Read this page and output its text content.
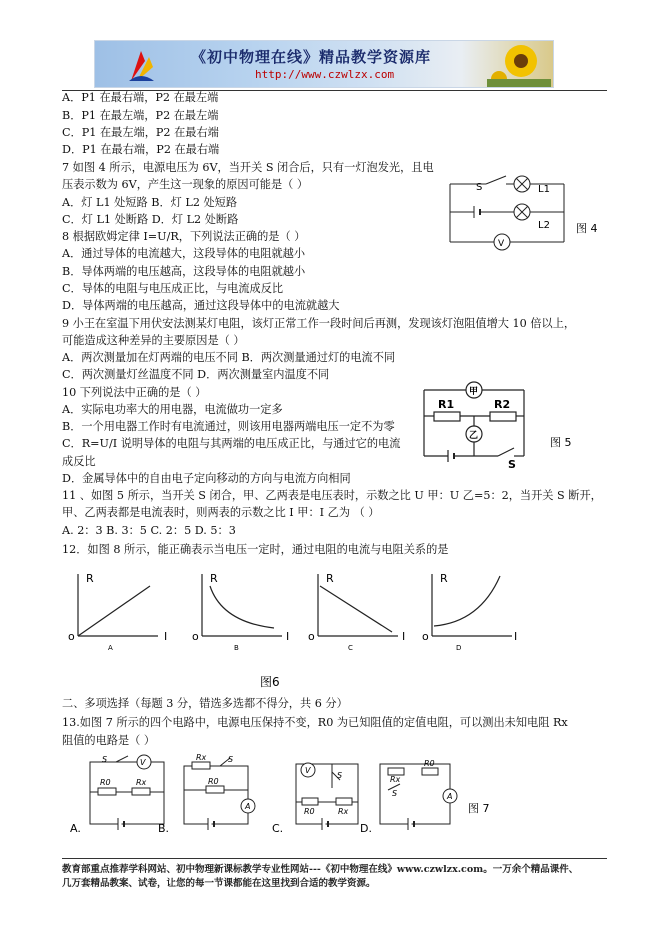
《初中物理在线》精品教学资源库
http://www.czwlzx.com
A．P1 在最右端，P2 在最左端
B．P1 在最左端，P2 在最左端
C．P1 在最左端，P2 在最右端
D．P1 在最右端，P2 在最右端
7 如图 4 所示，电源电压为 6V，当开关 S 闭合后，只有一灯泡发光，且电
压表示数为 6V，产生这一现象的原因可能是（ ）
A．灯 L1 处短路 B．灯 L2 处短路
C．灯 L1 处断路 D．灯 L2 处断路
8 根据欧姆定律 I=U/R，下列说法正确的是（ ）
A．通过导体的电流越大，这段导体的电阻就越小
B．导体两端的电压越高，这段导体的电阻就越小
C．导体的电阻与电压成正比，与电流成反比
D．导体两端的电压越高，通过这段导体中的电流就越大
9 小王在室温下用伏安法测某灯电阻，该灯正常工作一段时间后再测，发现该灯泡阻值增大 10 倍以上，
可能造成这种差异的主要原因是（ ）
A．两次测量加在灯两端的电压不同 B．两次测量通过灯的电流不同
C．两次测量灯丝温度不同 D．两次测量室内温度不同
10 下列说法中正确的是（ ）
A．实际电功率大的用电器，电流做功一定多
B．一个用电器工作时有电流通过，则该用电器两端电压一定不为零
C．R=U/I 说明导体的电阻与其两端的电压成正比，与通过它的电流
成反比
D．金属导体中的自由电子定向移动的方向与电流方向相同
11 、如图 5 所示，当开关 S 闭合，甲、乙两表是电压表时，示数之比 U 甲：U 乙=5：2，当开关 S 断开，
甲、乙两表都是电流表时，则两表的示数之比 I 甲：I 乙为 （ ）
A. 2：3 B. 3：5 C. 2：5 D. 5：3
12．如图 8 所示，能正确表示当电压一定时，通过电阻的电流与电阻关系的是
二、多项选择（每题 3 分，错选多选都不得分，共 6 分）
13.如图 7 所示的四个电路中，电源电压保持不变，R0 为已知阻值的定值电阻，可以测出未知电阻 Rx
阻值的电路是（ ）
S	L1
L2
V
图 4
甲
乙
R1	R2
S
图 5
R
I
o
A
R
I
o
B
R
I
o
C
R
I
o
D
图6
V
S
R0	Rx
Rx	S
R0
A
V
S
R0	Rx
Rx
R0
S	A
A.	B.	C.	D.
图 7
教育部重点推荐学科网站、初中物理新课标教学专业性网站---《初中物理在线》www.czwlzx.com。一万余个精品课件、
几万套精品教案、试卷，让您的每一节课都能在这里找到合适的教学资源。
